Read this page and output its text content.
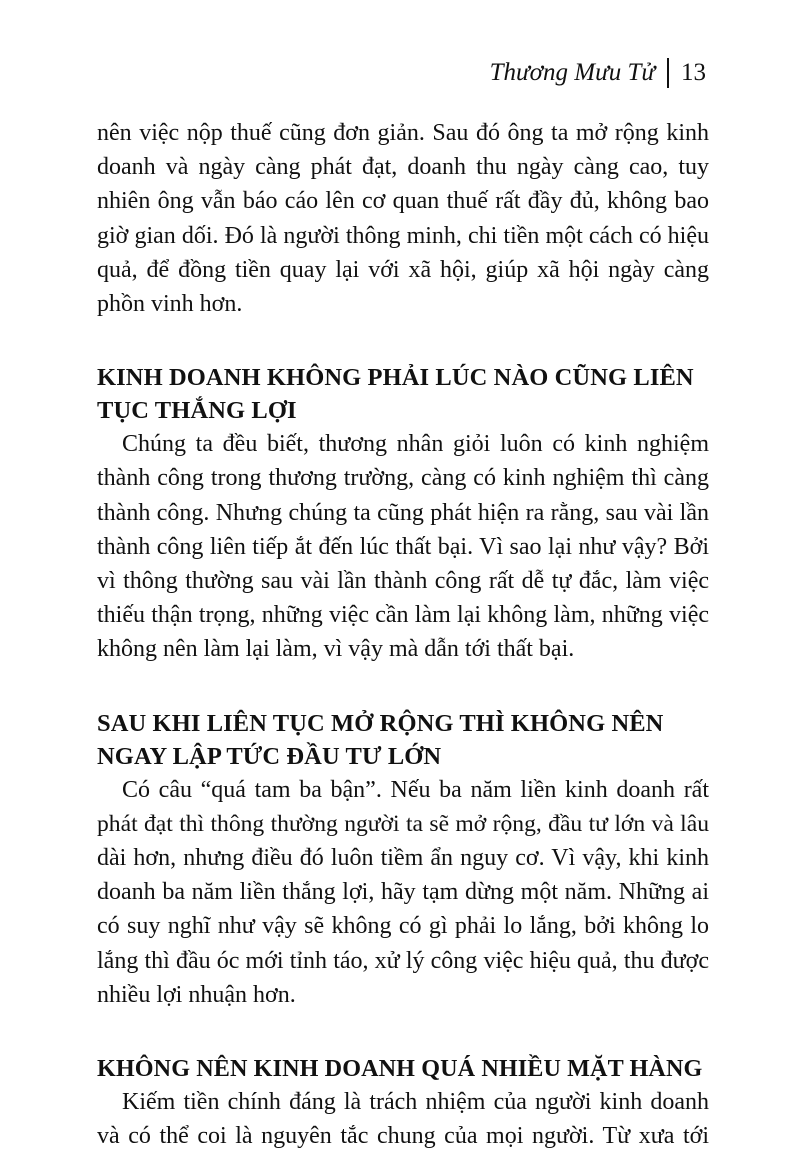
Thương Mưu Tử 13
nên việc nộp thuế cũng đơn giản. Sau đó ông ta mở rộng kinh
doanh và ngày càng phát đạt, doanh thu ngày càng cao, tuy
nhiên ông vẫn báo cáo lên cơ quan thuế rất đầy đủ, không bao
giờ gian dối. Đó là người thông minh, chi tiền một cách có hiệu
quả, để đồng tiền quay lại với xã hội, giúp xã hội ngày càng
phồn vinh hơn.
KINH DOANH KHÔNG PHẢI LÚC NÀO CŨNG LIÊN
TỤC THẮNG LỢI
Chúng ta đều biết, thương nhân giỏi luôn có kinh nghiệm
thành công trong thương trường, càng có kinh nghiệm thì càng
thành công. Nhưng chúng ta cũng phát hiện ra rằng, sau vài lần
thành công liên tiếp ắt đến lúc thất bại. Vì sao lại như vậy? Bởi
vì thông thường sau vài lần thành công rất dễ tự đắc, làm việc
thiếu thận trọng, những việc cần làm lại không làm, những việc
không nên làm lại làm, vì vậy mà dẫn tới thất bại.
SAU KHI LIÊN TỤC MỞ RỘNG THÌ KHÔNG NÊN
NGAY LẬP TỨC ĐẦU TƯ LỚN
Có câu “quá tam ba bận”. Nếu ba năm liền kinh doanh rất
phát đạt thì thông thường người ta sẽ mở rộng, đầu tư lớn và lâu
dài hơn, nhưng điều đó luôn tiềm ẩn nguy cơ. Vì vậy, khi kinh
doanh ba năm liền thắng lợi, hãy tạm dừng một năm. Những ai
có suy nghĩ như vậy sẽ không có gì phải lo lắng, bởi không lo
lắng thì đầu óc mới tỉnh táo, xử lý công việc hiệu quả, thu được
nhiều lợi nhuận hơn.
KHÔNG NÊN KINH DOANH QUÁ NHIỀU MẶT HÀNG
Kiếm tiền chính đáng là trách nhiệm của người kinh doanh
và có thể coi là nguyên tắc chung của mọi người. Từ xưa tới
